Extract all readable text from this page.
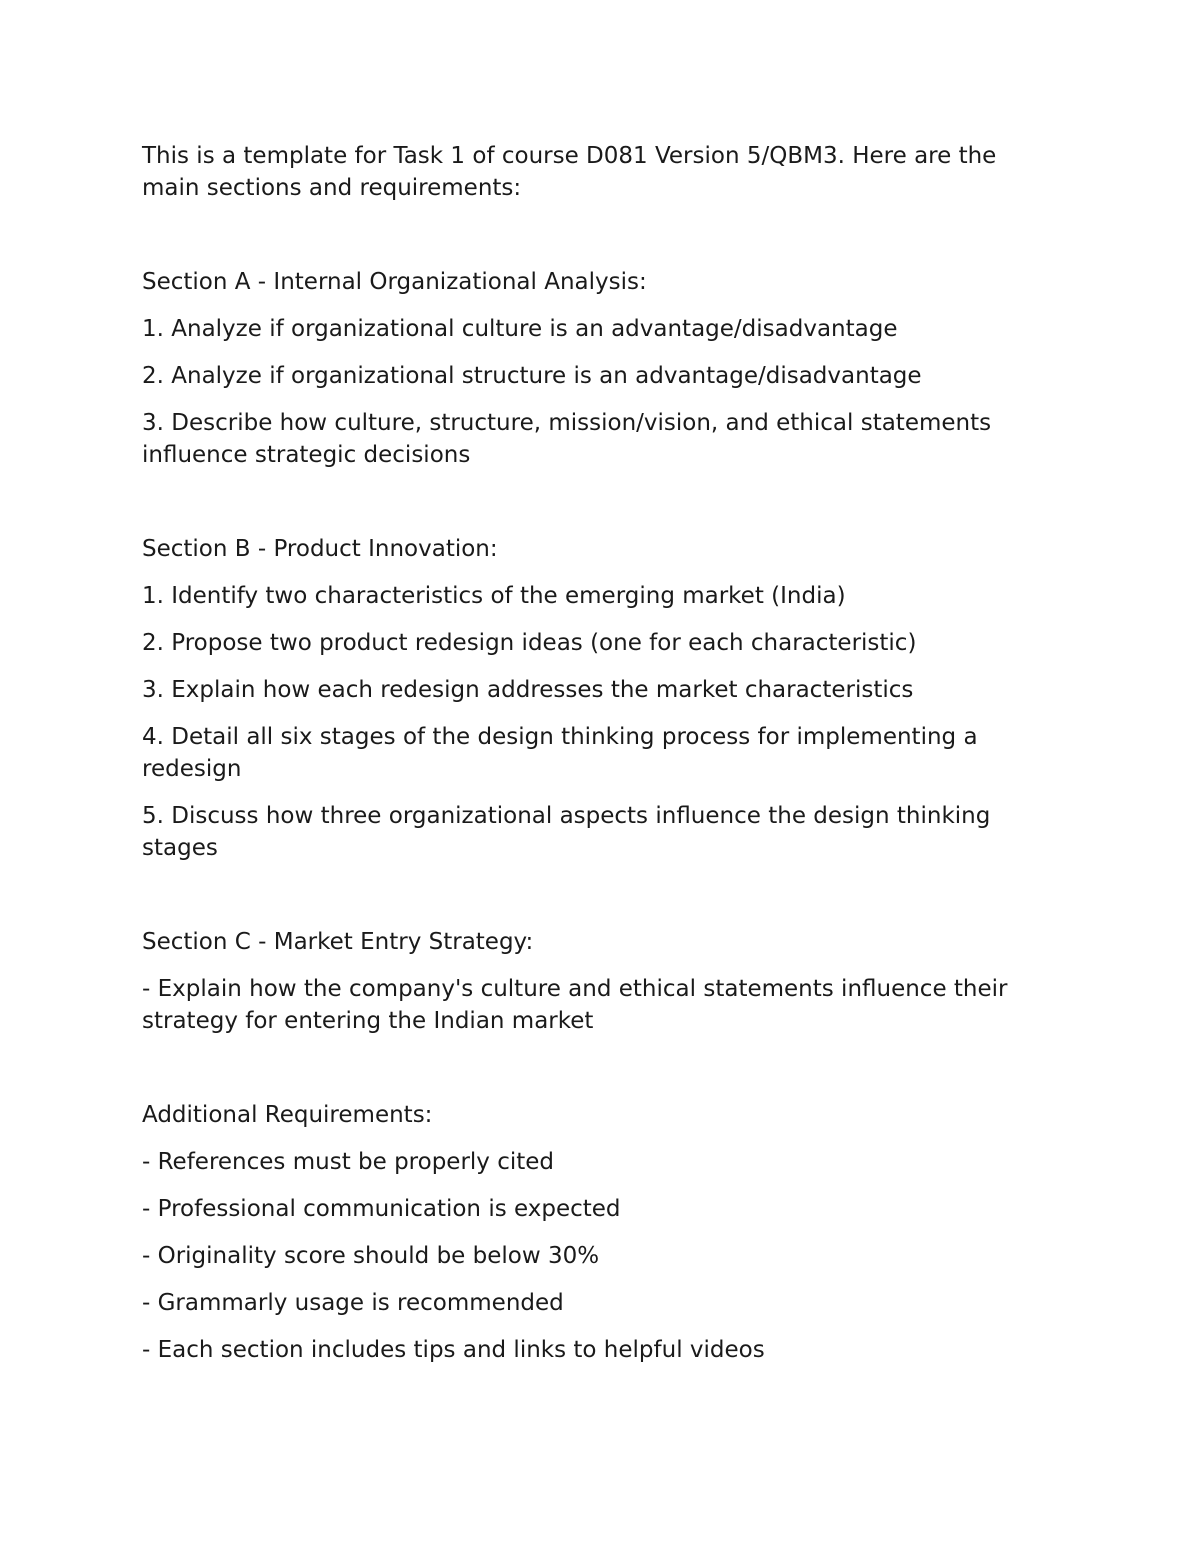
This is a template for Task 1 of course D081 Version 5/QBM3. Here are the main sections and requirements:

Section A - Internal Organizational Analysis:

1. Analyze if organizational culture is an advantage/disadvantage

2. Analyze if organizational structure is an advantage/disadvantage

3. Describe how culture, structure, mission/vision, and ethical statements influence strategic decisions

Section B - Product Innovation:

1. Identify two characteristics of the emerging market (India)

2. Propose two product redesign ideas (one for each characteristic)

3. Explain how each redesign addresses the market characteristics

4. Detail all six stages of the design thinking process for implementing a redesign

5. Discuss how three organizational aspects influence the design thinking stages

Section C - Market Entry Strategy:

- Explain how the company's culture and ethical statements influence their strategy for entering the Indian market

Additional Requirements:

- References must be properly cited

- Professional communication is expected

- Originality score should be below 30%

- Grammarly usage is recommended

- Each section includes tips and links to helpful videos
